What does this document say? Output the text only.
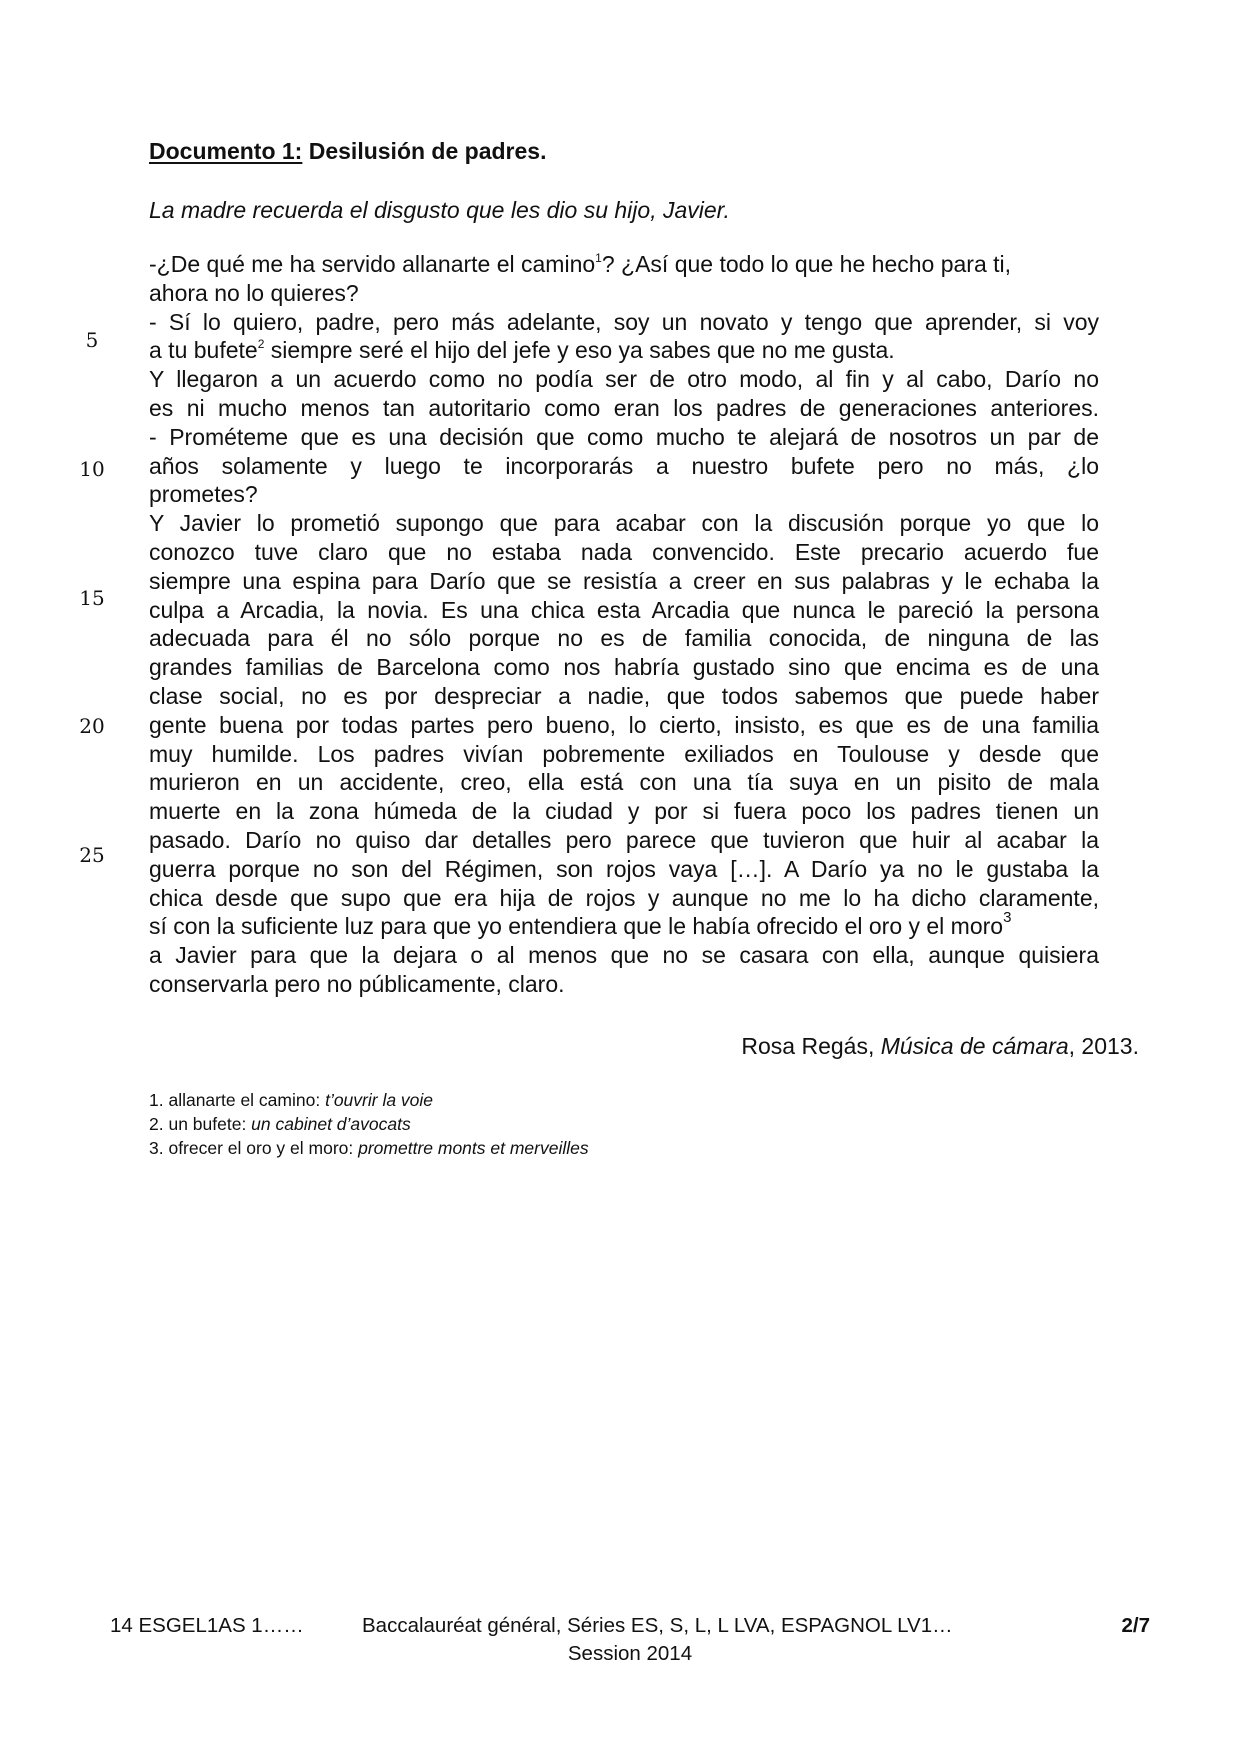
Documento 1: Desilusión de padres.
La madre recuerda el disgusto que les dio su hijo, Javier.
5
10
15
20
25
-¿De qué me ha servido allanarte el camino$^1$? ¿Así que todo lo que he hecho para ti,
ahora no lo quieres?
- Sí lo quiero, padre, pero más adelante, soy un novato y tengo que aprender, si voy
a tu bufete$^2$ siempre seré el hijo del jefe y eso ya sabes que no me gusta.
Y llegaron a un acuerdo como no podía ser de otro modo, al fin y al cabo, Darío no
es ni mucho menos tan autoritario como eran los padres de generaciones anteriores.
- Prométeme que es una decisión que como mucho te alejará de nosotros un par de
años solamente y luego te incorporarás a nuestro bufete pero no más, ¿lo
prometes?
Y Javier lo prometió supongo que para acabar con la discusión porque yo que lo
conozco tuve claro que no estaba nada convencido. Este precario acuerdo fue
siempre una espina para Darío que se resistía a creer en sus palabras y le echaba la
culpa a Arcadia, la novia. Es una chica esta Arcadia que nunca le pareció la persona
adecuada para él no sólo porque no es de familia conocida, de ninguna de las
grandes familias de Barcelona como nos habría gustado sino que encima es de una
clase social, no es por despreciar a nadie, que todos sabemos que puede haber
gente buena por todas partes pero bueno, lo cierto, insisto, es que es de una familia
muy humilde. Los padres vivían pobremente exiliados en Toulouse y desde que
murieron en un accidente, creo, ella está con una tía suya en un pisito de mala
muerte en la zona húmeda de la ciudad y por si fuera poco los padres tienen un
pasado. Darío no quiso dar detalles pero parece que tuvieron que huir al acabar la
guerra porque no son del Régimen, son rojos vaya […]. A Darío ya no le gustaba la
chica desde que supo que era hija de rojos y aunque no me lo ha dicho claramente,
sí con la suficiente luz para que yo entendiera que le había ofrecido el oro y el moro$^3$
a Javier para que la dejara o al menos que no se casara con ella, aunque quisiera
conservarla pero no públicamente, claro.
Rosa Regás, Música de cámara, 2013.
1. allanarte el camino: t’ouvrir la voie
2. un bufete: un cabinet d’avocats
3. ofrecer el oro y el moro: promettre monts et merveilles
14 ESGEL1AS 1……	Baccalauréat général, Séries ES, S, L, L LVA, ESPAGNOL LV1…	2/7
Session 2014
